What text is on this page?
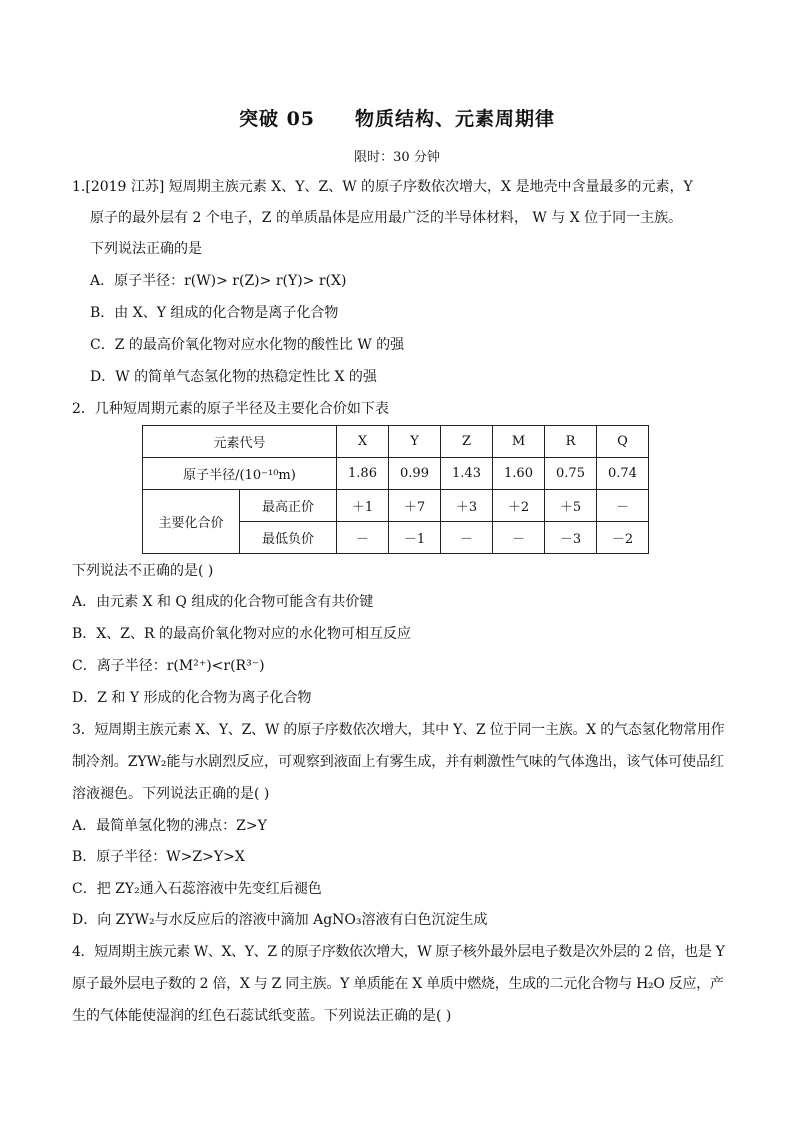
突破 05 物质结构、元素周期律
限时：30 分钟
1.[2019 江苏] 短周期主族元素 X、Y、Z、W 的原子序数依次增大，X 是地壳中含量最多的元素，Y
原子的最外层有 2 个电子，Z 的单质晶体是应用最广泛的半导体材料， W 与 X 位于同一主族。
下列说法正确的是
A．原子半径：r(W)> r(Z)> r(Y)> r(X)
B．由 X、Y 组成的化合物是离子化合物
C．Z 的最高价氧化物对应水化物的酸性比 W 的强
D．W 的简单气态氢化物的热稳定性比 X 的强
2．几种短周期元素的原子半径及主要化合价如下表
元素代号		X	Y	Z	M	R	Q
原子半径/(10⁻¹⁰m)		1.86	0.99	1.43	1.60	0.75	0.74
主要化合价	最高正价	＋1	＋7	＋3	＋2	＋5	－
	最低负价	－	－1	－	－	－3	－2
下列说法不正确的是( )
A．由元素 X 和 Q 组成的化合物可能含有共价键
B．X、Z、R 的最高价氧化物对应的水化物可相互反应
C．离子半径：r(M²⁺)<r(R³⁻)
D．Z 和 Y 形成的化合物为离子化合物
3．短周期主族元素 X、Y、Z、W 的原子序数依次增大，其中 Y、Z 位于同一主族。X 的气态氢化物常用作
制冷剂。ZYW₂能与水剧烈反应，可观察到液面上有雾生成，并有刺激性气味的气体逸出，该气体可使品红
溶液褪色。下列说法正确的是( )
A．最简单氢化物的沸点：Z>Y
B．原子半径：W>Z>Y>X
C．把 ZY₂通入石蕊溶液中先变红后褪色
D．向 ZYW₂与水反应后的溶液中滴加 AgNO₃溶液有白色沉淀生成
4．短周期主族元素 W、X、Y、Z 的原子序数依次增大，W 原子核外最外层电子数是次外层的 2 倍，也是 Y
原子最外层电子数的 2 倍，X 与 Z 同主族。Y 单质能在 X 单质中燃烧，生成的二元化合物与 H₂O 反应，产
生的气体能使湿润的红色石蕊试纸变蓝。下列说法正确的是( )
